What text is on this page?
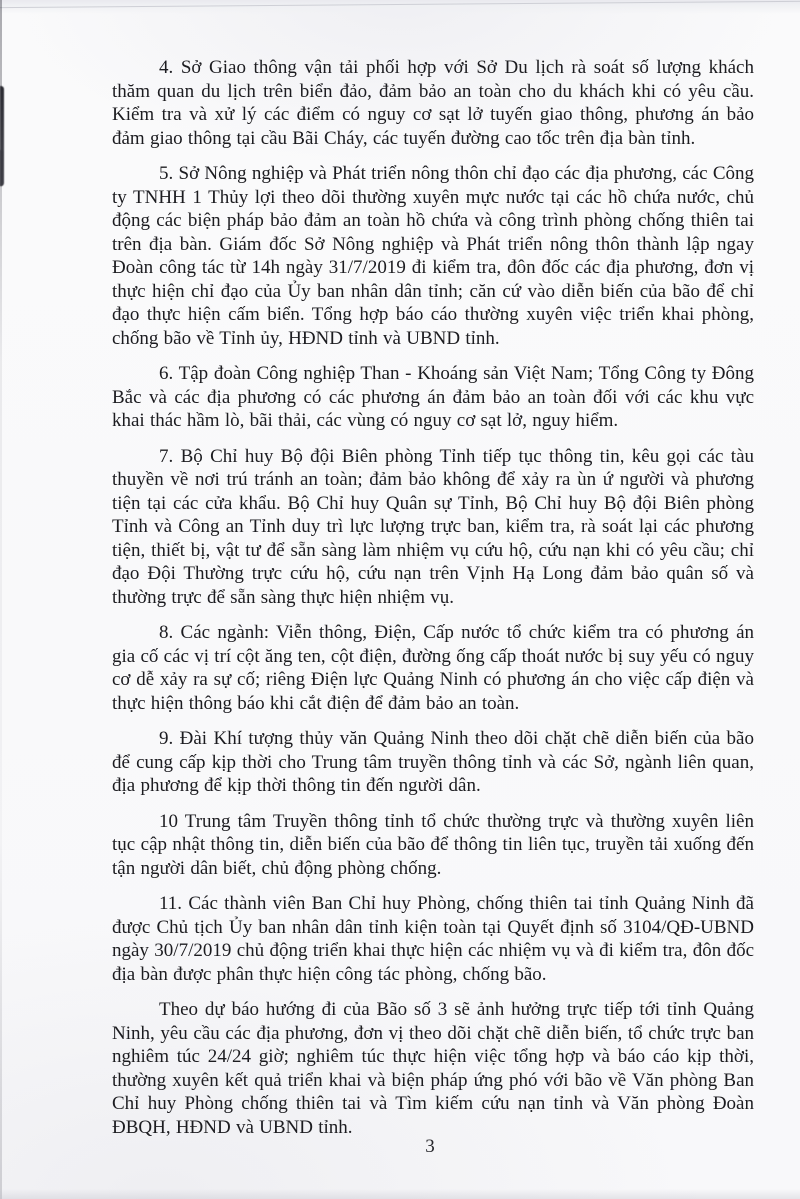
4. Sở Giao thông vận tải phối hợp với Sở Du lịch rà soát số lượng khách thăm quan du lịch trên biển đảo, đảm bảo an toàn cho du khách khi có yêu cầu. Kiểm tra và xử lý các điểm có nguy cơ sạt lở tuyến giao thông, phương án bảo đảm giao thông tại cầu Bãi Cháy, các tuyến đường cao tốc trên địa bàn tỉnh.

5. Sở Nông nghiệp và Phát triển nông thôn chỉ đạo các địa phương, các Công ty TNHH 1 Thủy lợi theo dõi thường xuyên mực nước tại các hồ chứa nước, chủ động các biện pháp bảo đảm an toàn hồ chứa và công trình phòng chống thiên tai trên địa bàn. Giám đốc Sở Nông nghiệp và Phát triển nông thôn thành lập ngay Đoàn công tác từ 14h ngày 31/7/2019 đi kiểm tra, đôn đốc các địa phương, đơn vị thực hiện chỉ đạo của Ủy ban nhân dân tỉnh; căn cứ vào diễn biến của bão để chỉ đạo thực hiện cấm biển. Tổng hợp báo cáo thường xuyên việc triển khai phòng, chống bão về Tỉnh ủy, HĐND tỉnh và UBND tỉnh.

6. Tập đoàn Công nghiệp Than - Khoáng sản Việt Nam; Tổng Công ty Đông Bắc và các địa phương có các phương án đảm bảo an toàn đối với các khu vực khai thác hầm lò, bãi thải, các vùng có nguy cơ sạt lở, nguy hiểm.

7. Bộ Chỉ huy Bộ đội Biên phòng Tỉnh tiếp tục thông tin, kêu gọi các tàu thuyền về nơi trú tránh an toàn; đảm bảo không để xảy ra ùn ứ người và phương tiện tại các cửa khẩu. Bộ Chỉ huy Quân sự Tỉnh, Bộ Chỉ huy Bộ đội Biên phòng Tỉnh và Công an Tỉnh duy trì lực lượng trực ban, kiểm tra, rà soát lại các phương tiện, thiết bị, vật tư để sẵn sàng làm nhiệm vụ cứu hộ, cứu nạn khi có yêu cầu; chỉ đạo Đội Thường trực cứu hộ, cứu nạn trên Vịnh Hạ Long đảm bảo quân số và thường trực để sẵn sàng thực hiện nhiệm vụ.

8. Các ngành: Viễn thông, Điện, Cấp nước tổ chức kiểm tra có phương án gia cố các vị trí cột ăng ten, cột điện, đường ống cấp thoát nước bị suy yếu có nguy cơ dễ xảy ra sự cố; riêng Điện lực Quảng Ninh có phương án cho việc cấp điện và thực hiện thông báo khi cắt điện để đảm bảo an toàn.

9. Đài Khí tượng thủy văn Quảng Ninh theo dõi chặt chẽ diễn biến của bão để cung cấp kịp thời cho Trung tâm truyền thông tỉnh và các Sở, ngành liên quan, địa phương để kịp thời thông tin đến người dân.

10 Trung tâm Truyền thông tỉnh tổ chức thường trực và thường xuyên liên tục cập nhật thông tin, diễn biến của bão để thông tin liên tục, truyền tải xuống đến tận người dân biết, chủ động phòng chống.

11. Các thành viên Ban Chỉ huy Phòng, chống thiên tai tỉnh Quảng Ninh đã được Chủ tịch Ủy ban nhân dân tỉnh kiện toàn tại Quyết định số 3104/QĐ-UBND ngày 30/7/2019 chủ động triển khai thực hiện các nhiệm vụ và đi kiểm tra, đôn đốc địa bàn được phân thực hiện công tác phòng, chống bão.

Theo dự báo hướng đi của Bão số 3 sẽ ảnh hưởng trực tiếp tới tỉnh Quảng Ninh, yêu cầu các địa phương, đơn vị theo dõi chặt chẽ diễn biến, tổ chức trực ban nghiêm túc 24/24 giờ; nghiêm túc thực hiện việc tổng hợp và báo cáo kịp thời, thường xuyên kết quả triển khai và biện pháp ứng phó với bão về Văn phòng Ban Chỉ huy Phòng chống thiên tai và Tìm kiếm cứu nạn tỉnh và Văn phòng Đoàn ĐBQH, HĐND và UBND tỉnh.

3
